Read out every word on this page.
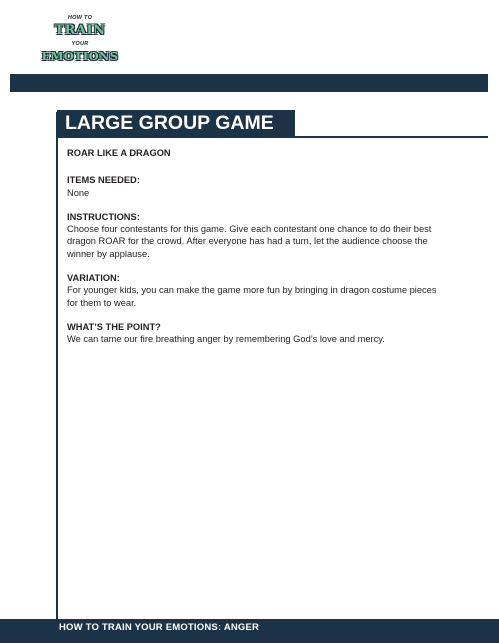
HOW TO
TRAIN
YOUR
EMOTIONS
LARGE GROUP GAME

ROAR LIKE A DRAGON

ITEMS NEEDED:

None

INSTRUCTIONS:

Choose four contestants for this game. Give each contestant one chance to do their best dragon ROAR for the crowd. After everyone has had a turn, let the audience choose the winner by applause.

VARIATION:

For younger kids, you can make the game more fun by bringing in dragon costume pieces for them to wear.

WHAT’S THE POINT?

We can tame our fire breathing anger by remembering God’s love and mercy.

HOW TO TRAIN YOUR EMOTIONS: ANGER
